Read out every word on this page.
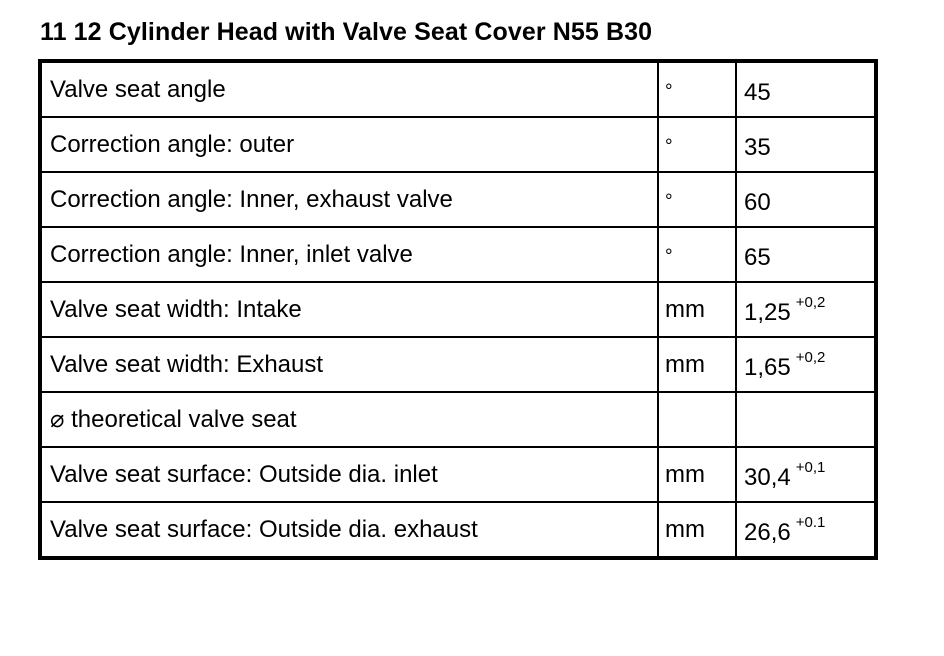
11 12 Cylinder Head with Valve Seat Cover N55 B30
Valve seat angle	°	45

Correction angle: outer	°	35

Correction angle: Inner, exhaust valve	°	60

Correction angle: Inner, inlet valve	°	65

Valve seat width: Intake	mm	1,25 $^{+0,2}$

Valve seat width: Exhaust	mm	1,65 $^{+0,2}$

⌀ theoretical valve seat		

Valve seat surface: Outside dia. inlet	mm	30,4 $^{+0,1}$

Valve seat surface: Outside dia. exhaust	mm	26,6 $^{+0.1}$
